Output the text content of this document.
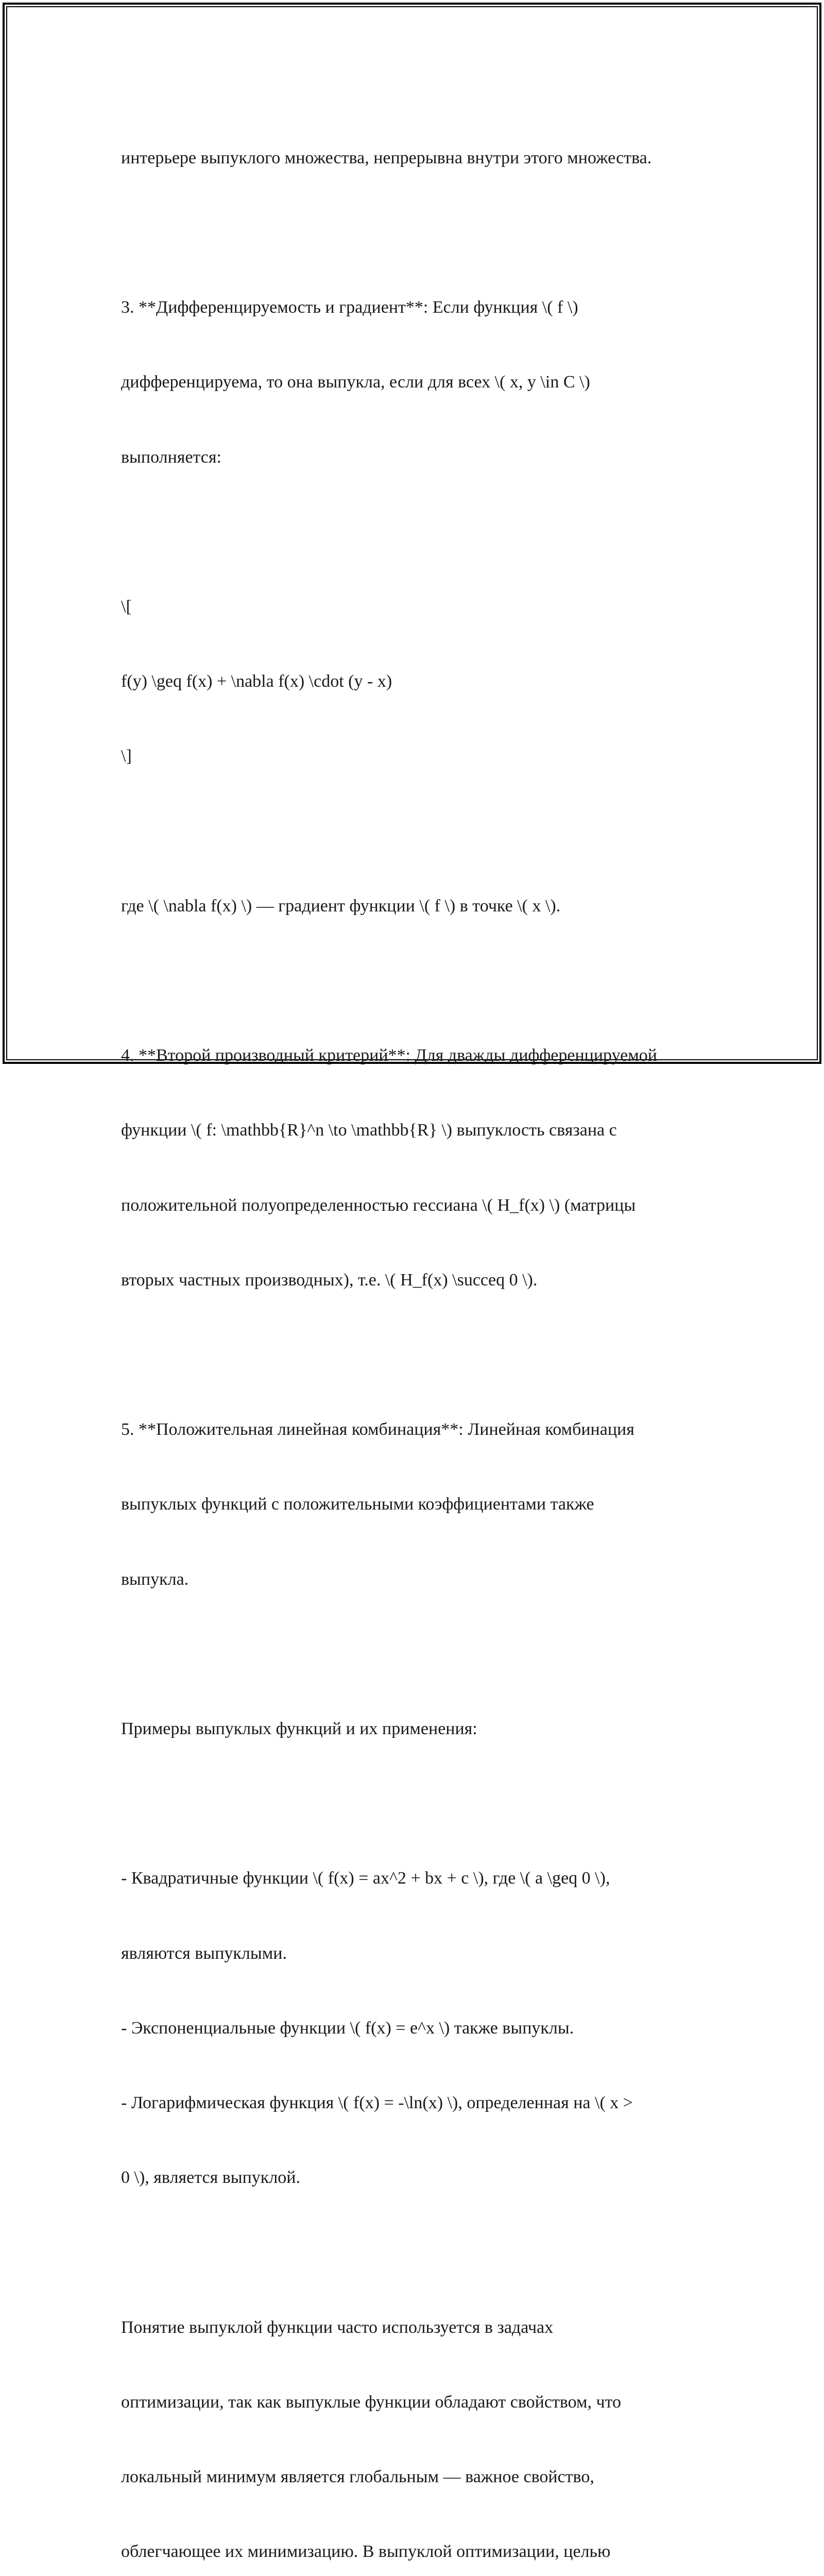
интерьере выпуклого множества, непрерывна внутри этого множества.

3. **Дифференцируемость и градиент**: Если функция \( f \)

дифференцируема, то она выпукла, если для всех \( x, y \in C \)

выполняется:

\[

f(y) \geq f(x) + \nabla f(x) \cdot (y - x)

\]

где \( \nabla f(x) \) — градиент функции \( f \) в точке \( x \).

4. **Второй производный критерий**: Для дважды дифференцируемой

функции \( f: \mathbb{R}^n \to \mathbb{R} \) выпуклость связана с

положительной полуопределенностью гессиана \( H_f(x) \) (матрицы

вторых частных производных), т.е. \( H_f(x) \succeq 0 \).

5. **Положительная линейная комбинация**: Линейная комбинация

выпуклых функций с положительными коэффициентами также

выпукла.

Примеры выпуклых функций и их применения:

- Квадратичные функции \( f(x) = ax^2 + bx + c \), где \( a \geq 0 \),

являются выпуклыми.

- Экспоненциальные функции \( f(x) = e^x \) также выпуклы.

- Логарифмическая функция \( f(x) = -\ln(x) \), определенная на \( x >

0 \), является выпуклой.

Понятие выпуклой функции часто используется в задачах

оптимизации, так как выпуклые функции обладают свойством, что

локальный минимум является глобальным — важное свойство,

облегчающее их минимизацию. В выпуклой оптимизации, целью
